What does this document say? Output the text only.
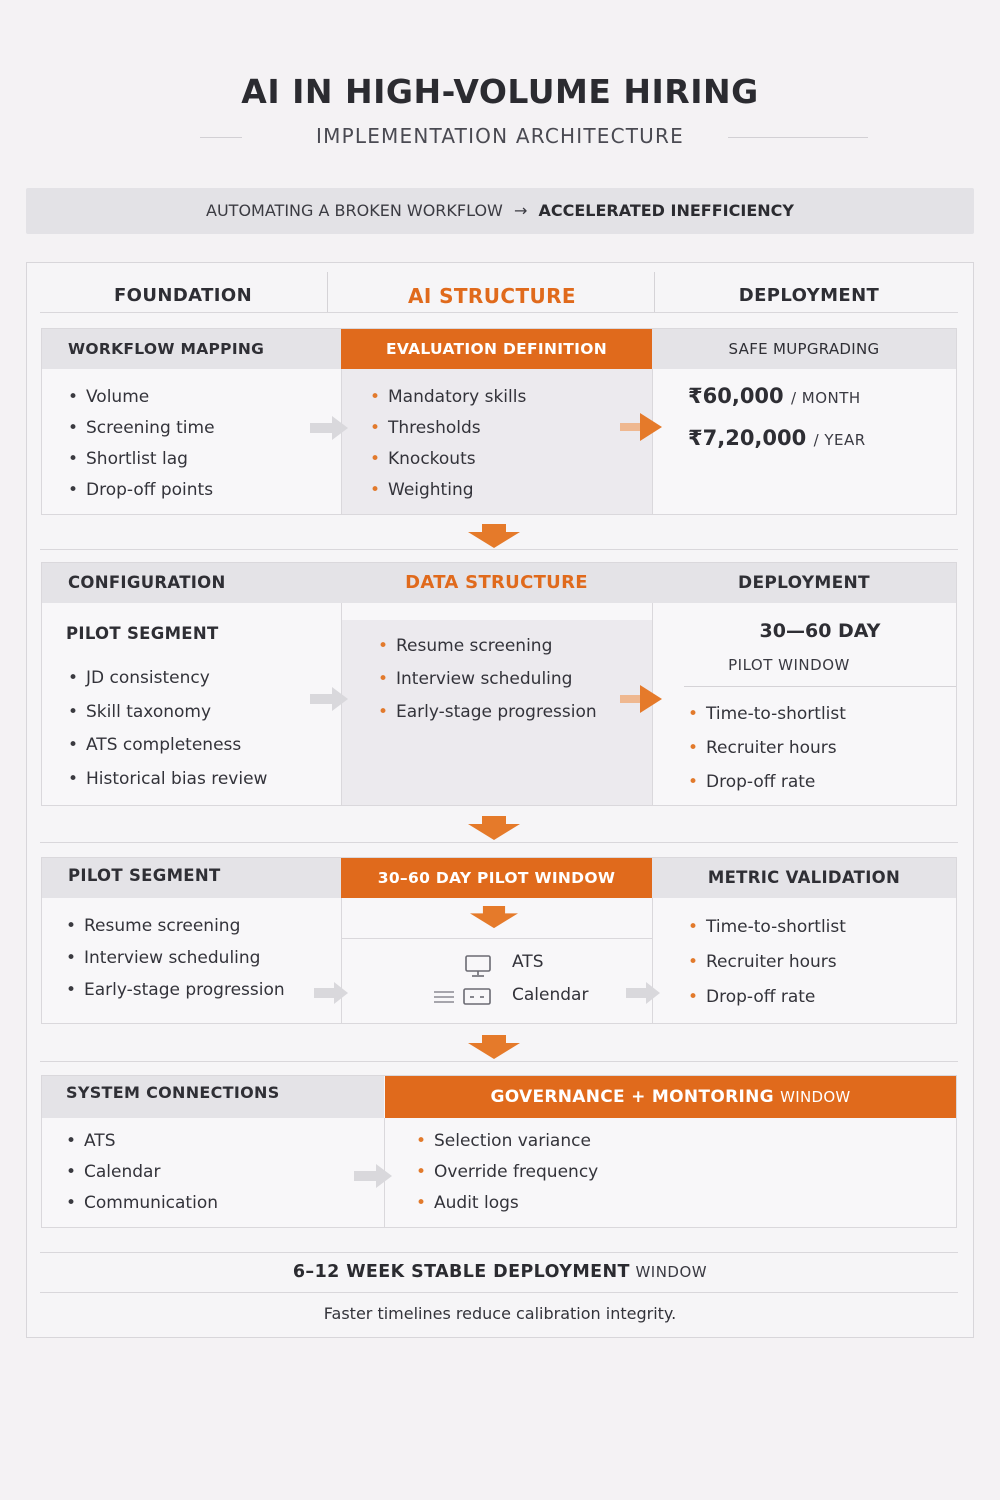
AI IN HIGH-VOLUME HIRING
IMPLEMENTATION ARCHITECTURE
AUTOMATING A BROKEN WORKFLOW → ACCELERATED INEFFICIENCY
FOUNDATION	AI STRUCTURE	DEPLOYMENT
WORKFLOW MAPPING	EVALUATION DEFINITION	SAFE MUPGRADING
• Volume
• Screening time
• Shortlist lag
• Drop-off points
• Mandatory skills
• Thresholds
• Knockouts
• Weighting
₹60,000 / MONTH
₹7,20,000 / YEAR
CONFIGURATION	DATA STRUCTURE	DEPLOYMENT
PILOT SEGMENT
• JD consistency
• Skill taxonomy
• ATS completeness
• Historical bias review
• Resume screening
• Interview scheduling
• Early-stage progression
30—60 DAY
PILOT WINDOW
• Time-to-shortlist
• Recruiter hours
• Drop-off rate
PILOT SEGMENT	30–60 DAY PILOT WINDOW	METRIC VALIDATION
• Resume screening
• Interview scheduling
• Early-stage progression
ATS
Calendar
• Time-to-shortlist
• Recruiter hours
• Drop-off rate
SYSTEM CONNECTIONS	GOVERNANCE + MONTORING WINDOW
• ATS
• Calendar
• Communication
• Selection variance
• Override frequency
• Audit logs
6–12 WEEK STABLE DEPLOYMENT WINDOW
Faster timelines reduce calibration integrity.
